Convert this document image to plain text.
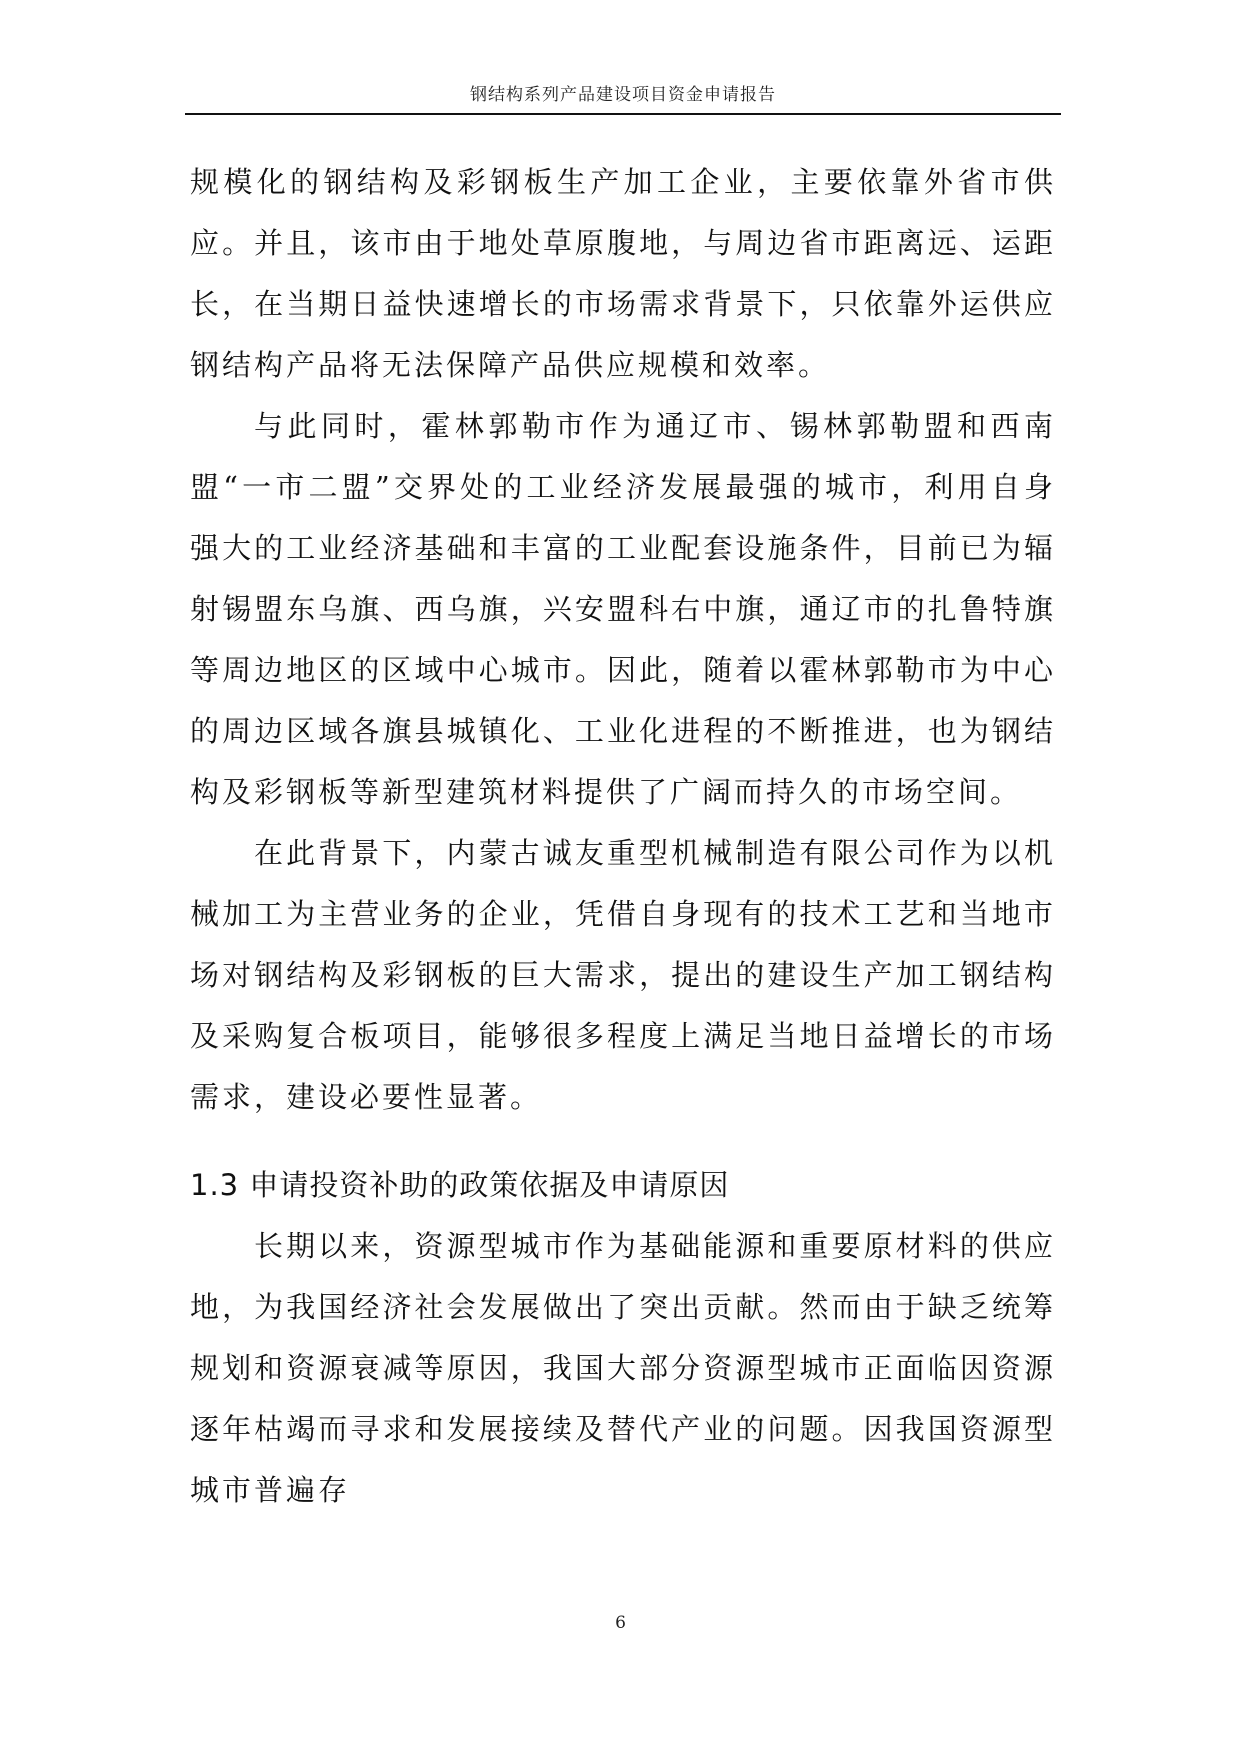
钢结构系列产品建设项目资金申请报告

规模化的钢结构及彩钢板生产加工企业，主要依靠外省市供应。并且，该市由于地处草原腹地，与周边省市距离远、运距长，在当期日益快速增长的市场需求背景下，只依靠外运供应钢结构产品将无法保障产品供应规模和效率。

与此同时，霍林郭勒市作为通辽市、锡林郭勒盟和西南盟“一市二盟”交界处的工业经济发展最强的城市，利用自身强大的工业经济基础和丰富的工业配套设施条件，目前已为辐射锡盟东乌旗、西乌旗，兴安盟科右中旗，通辽市的扎鲁特旗等周边地区的区域中心城市。因此，随着以霍林郭勒市为中心的周边区域各旗县城镇化、工业化进程的不断推进，也为钢结构及彩钢板等新型建筑材料提供了广阔而持久的市场空间。

在此背景下，内蒙古诚友重型机械制造有限公司作为以机械加工为主营业务的企业，凭借自身现有的技术工艺和当地市场对钢结构及彩钢板的巨大需求，提出的建设生产加工钢结构及采购复合板项目，能够很多程度上满足当地日益增长的市场需求，建设必要性显著。

1.3 申请投资补助的政策依据及申请原因

长期以来，资源型城市作为基础能源和重要原材料的供应地，为我国经济社会发展做出了突出贡献。然而由于缺乏统筹规划和资源衰减等原因，我国大部分资源型城市正面临因资源逐年枯竭而寻求和发展接续及替代产业的问题。因我国资源型城市普遍存

6
